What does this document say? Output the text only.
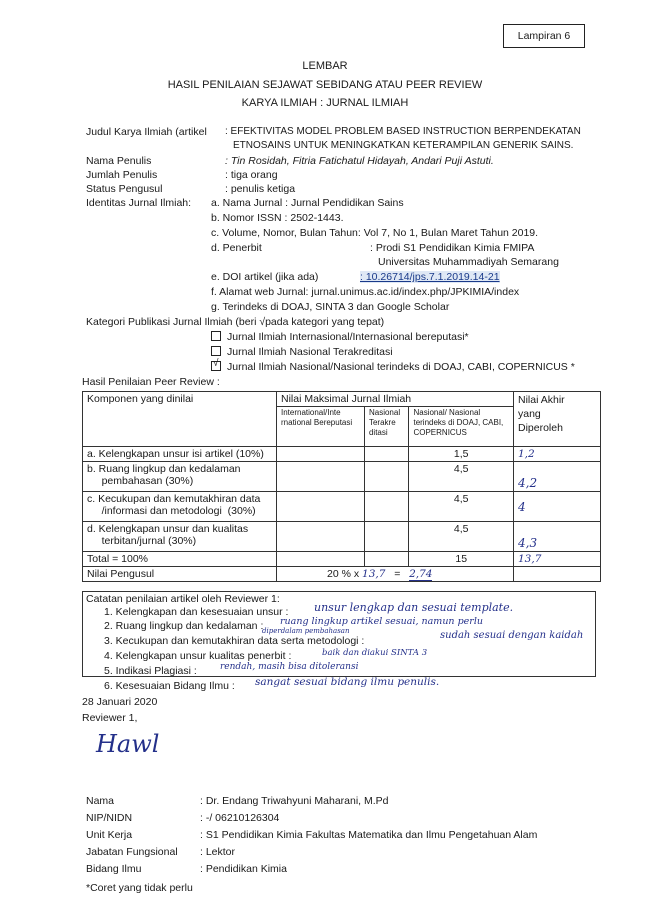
Lampiran 6
LEMBAR
HASIL PENILAIAN SEJAWAT SEBIDANG ATAU PEER REVIEW
KARYA ILMIAH : JURNAL ILMIAH
Judul Karya Ilmiah (artikel : EFEKTIVITAS MODEL PROBLEM BASED INSTRUCTION BERPENDEKATAN
ETNOSAINS UNTUK MENINGKATKAN KETERAMPILAN GENERIK SAINS.
Nama Penulis	: Tin Rosidah, Fitria Fatichatul Hidayah, Andari Puji Astuti.
Jumlah Penulis	: tiga orang
Status Pengusul	: penulis ketiga
Identitas Jurnal Ilmiah: a. Nama Jurnal : Jurnal Pendidikan Sains
b. Nomor ISSN : 2502-1443.
c. Volume, Nomor, Bulan Tahun: Vol 7, No 1, Bulan Maret Tahun 2019.
d. Penerbit	: Prodi S1 Pendidikan Kimia FMIPA
Universitas Muhammadiyah Semarang
e. DOI artikel (jika ada)	: 10.26714/jps.7.1.2019.14-21
f. Alamat web Jurnal: jurnal.unimus.ac.id/index.php/JPKIMIA/index
g. Terindeks di DOAJ, SINTA 3 dan Google Scholar
Kategori Publikasi Jurnal Ilmiah (beri √pada kategori yang tepat)
Jurnal Ilmiah Internasional/Internasional bereputasi*
Jurnal Ilmiah Nasional Terakreditasi
√ Jurnal Ilmiah Nasional/Nasional terindeks di DOAJ, CABI, COPERNICUS *
Hasil Penilaian Peer Review :
Komponen yang dinilai	Nilai Maksimal Jurnal Ilmiah			Nilai Akhir
yang
Diperoleh
	International/Inte rnational Bereputasi	Nasional Terakre ditasi	Nasional/ Nasional terindeks di DOAJ, CABI, COPERNICUS	
a. Kelengkapan unsur isi artikel (10%)			1,5	1,2
b. Ruang lingkup dan kedalaman
pembahasan (30%)			4,5	4,2
c. Kecukupan dan kemutakhiran data
/informasi dan metodologi  (30%)			4,5	4
d. Kelengkapan unsur dan kualitas
terbitan/jurnal (30%)			4,5	4,3
Total = 100%			15	13,7
Nilai Pengusul	20 % x 13,7 = 2,74			
Catatan penilaian artikel oleh Reviewer 1:
1. Kelengkapan dan kesesuaian unsur : unsur lengkap dan sesuai template.
2. Ruang lingkup dan kedalaman : ruang lingkup artikel sesuai, namun perlu
diperdalam pembahasan
3. Kecukupan dan kemutakhiran data serta metodologi :	sudah sesuai dengan kaidah
4. Kelengkapan unsur kualitas penerbit :	baik dan diakui SINTA 3
5. Indikasi Plagiasi :	rendah, masih bisa ditoleransi
6. Kesesuaian Bidang Ilmu : sangat sesuai bidang ilmu penulis.
28 Januari 2020
Reviewer 1,
Hawl
Nama	: Dr. Endang Triwahyuni Maharani, M.Pd
NIP/NIDN	: -/ 06210126304
Unit Kerja	: S1 Pendidikan Kimia Fakultas Matematika dan Ilmu Pengetahuan Alam
Jabatan Fungsional : Lektor
Bidang Ilmu	: Pendidikan Kimia
*Coret yang tidak perlu
